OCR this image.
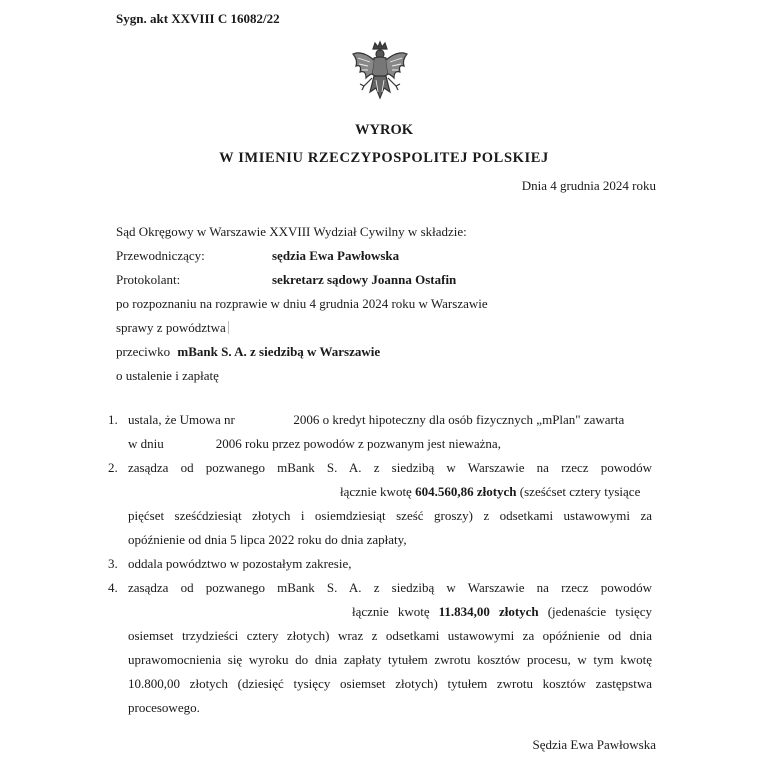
Sygn. akt XXVIII C 16082/22
WYROK
W IMIENIU RZECZYPOSPOLITEJ POLSKIEJ
Dnia 4 grudnia 2024 roku
Sąd Okręgowy w Warszawie XXVIII Wydział Cywilny w składzie:
Przewodniczący:	sędzia Ewa Pawłowska
Protokolant:	sekretarz sądowy Joanna Ostafin
po rozpoznaniu na rozprawie w dniu 4 grudnia 2024 roku w Warszawie
sprawy z powództwa
przeciwko mBank S. A. z siedzibą w Warszawie
o ustalenie i zapłatę
1. ustala, że Umowa nr                  2006 o kredyt hipoteczny dla osób fizycznych „mPlan" zawarta
w dniu                2006 roku przez powodów z pozwanym jest nieważna,
2. zasądza od pozwanego mBank S. A. z siedzibą w Warszawie na rzecz powodów
łącznie kwotę 604.560,86 złotych (sześćset cztery tysiące
pięćset sześćdziesiąt złotych i osiemdziesiąt sześć groszy) z odsetkami ustawowymi za
opóźnienie od dnia 5 lipca 2022 roku do dnia zapłaty,
3. oddala powództwo w pozostałym zakresie,
4. zasądza od pozwanego mBank S. A. z siedzibą w Warszawie na rzecz powodów
łącznie kwotę 11.834,00 złotych (jedenaście tysięcy
osiemset trzydzieści cztery złotych) wraz z odsetkami ustawowymi za opóźnienie od dnia
uprawomocnienia się wyroku do dnia zapłaty tytułem zwrotu kosztów procesu, w tym kwotę
10.800,00 złotych (dziesięć tysięcy osiemset złotych) tytułem zwrotu kosztów zastępstwa
procesowego.
Sędzia Ewa Pawłowska
